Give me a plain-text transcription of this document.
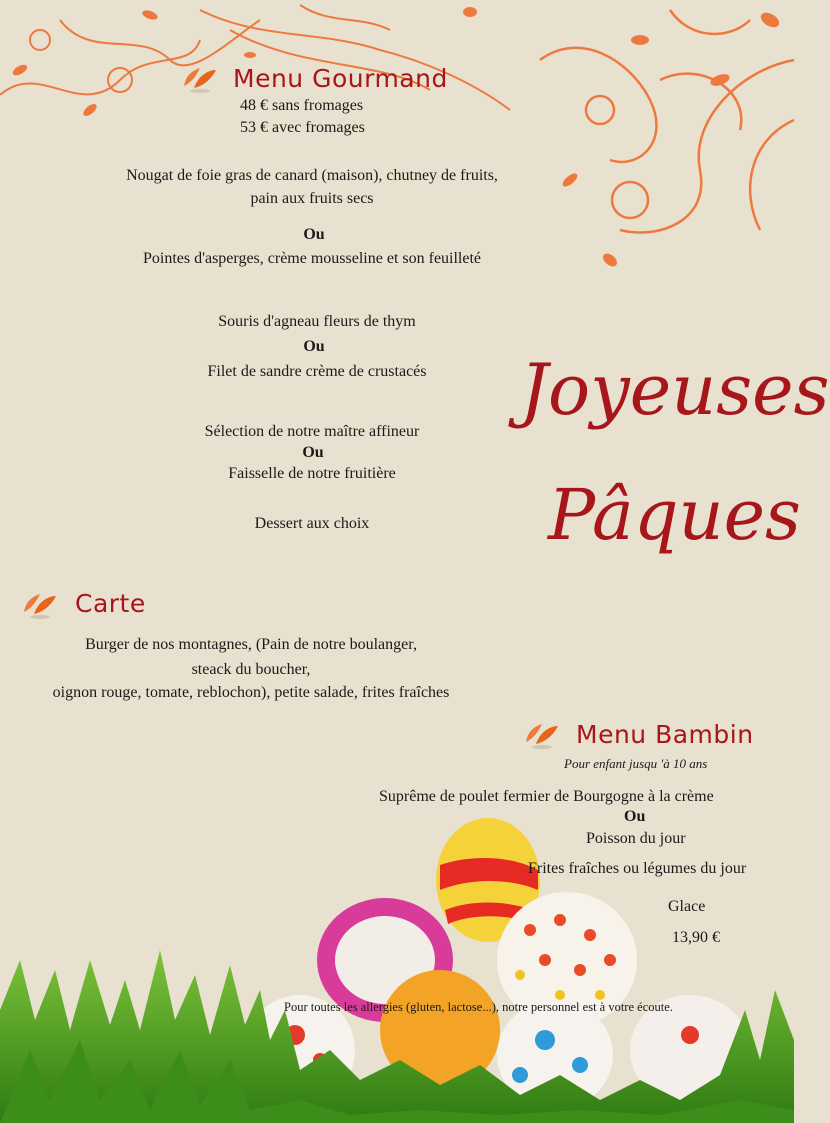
Menu Gourmand
48 € sans fromages
53 € avec fromages
Nougat de foie gras de canard (maison), chutney de fruits,
pain aux fruits secs
Ou
Pointes d'asperges, crème mousseline et son feuilleté
Souris d'agneau fleurs de thym
Ou
Filet de sandre crème de crustacés
Sélection de notre maître affineur
Ou
Faisselle de notre fruitière
Dessert aux choix
Joyeuses
Pâques
Carte
Burger de nos montagnes, (Pain de notre boulanger,
steack du boucher,
oignon rouge, tomate, reblochon), petite salade, frites fraîches
Menu Bambin
Pour enfant jusqu 'à 10 ans
Suprême de poulet fermier de Bourgogne à la crème
Ou
Poisson du jour
Frites fraîches ou légumes du jour
Glace
13,90 €
Pour toutes les allergies (gluten, lactose...), notre personnel est à votre écoute.
